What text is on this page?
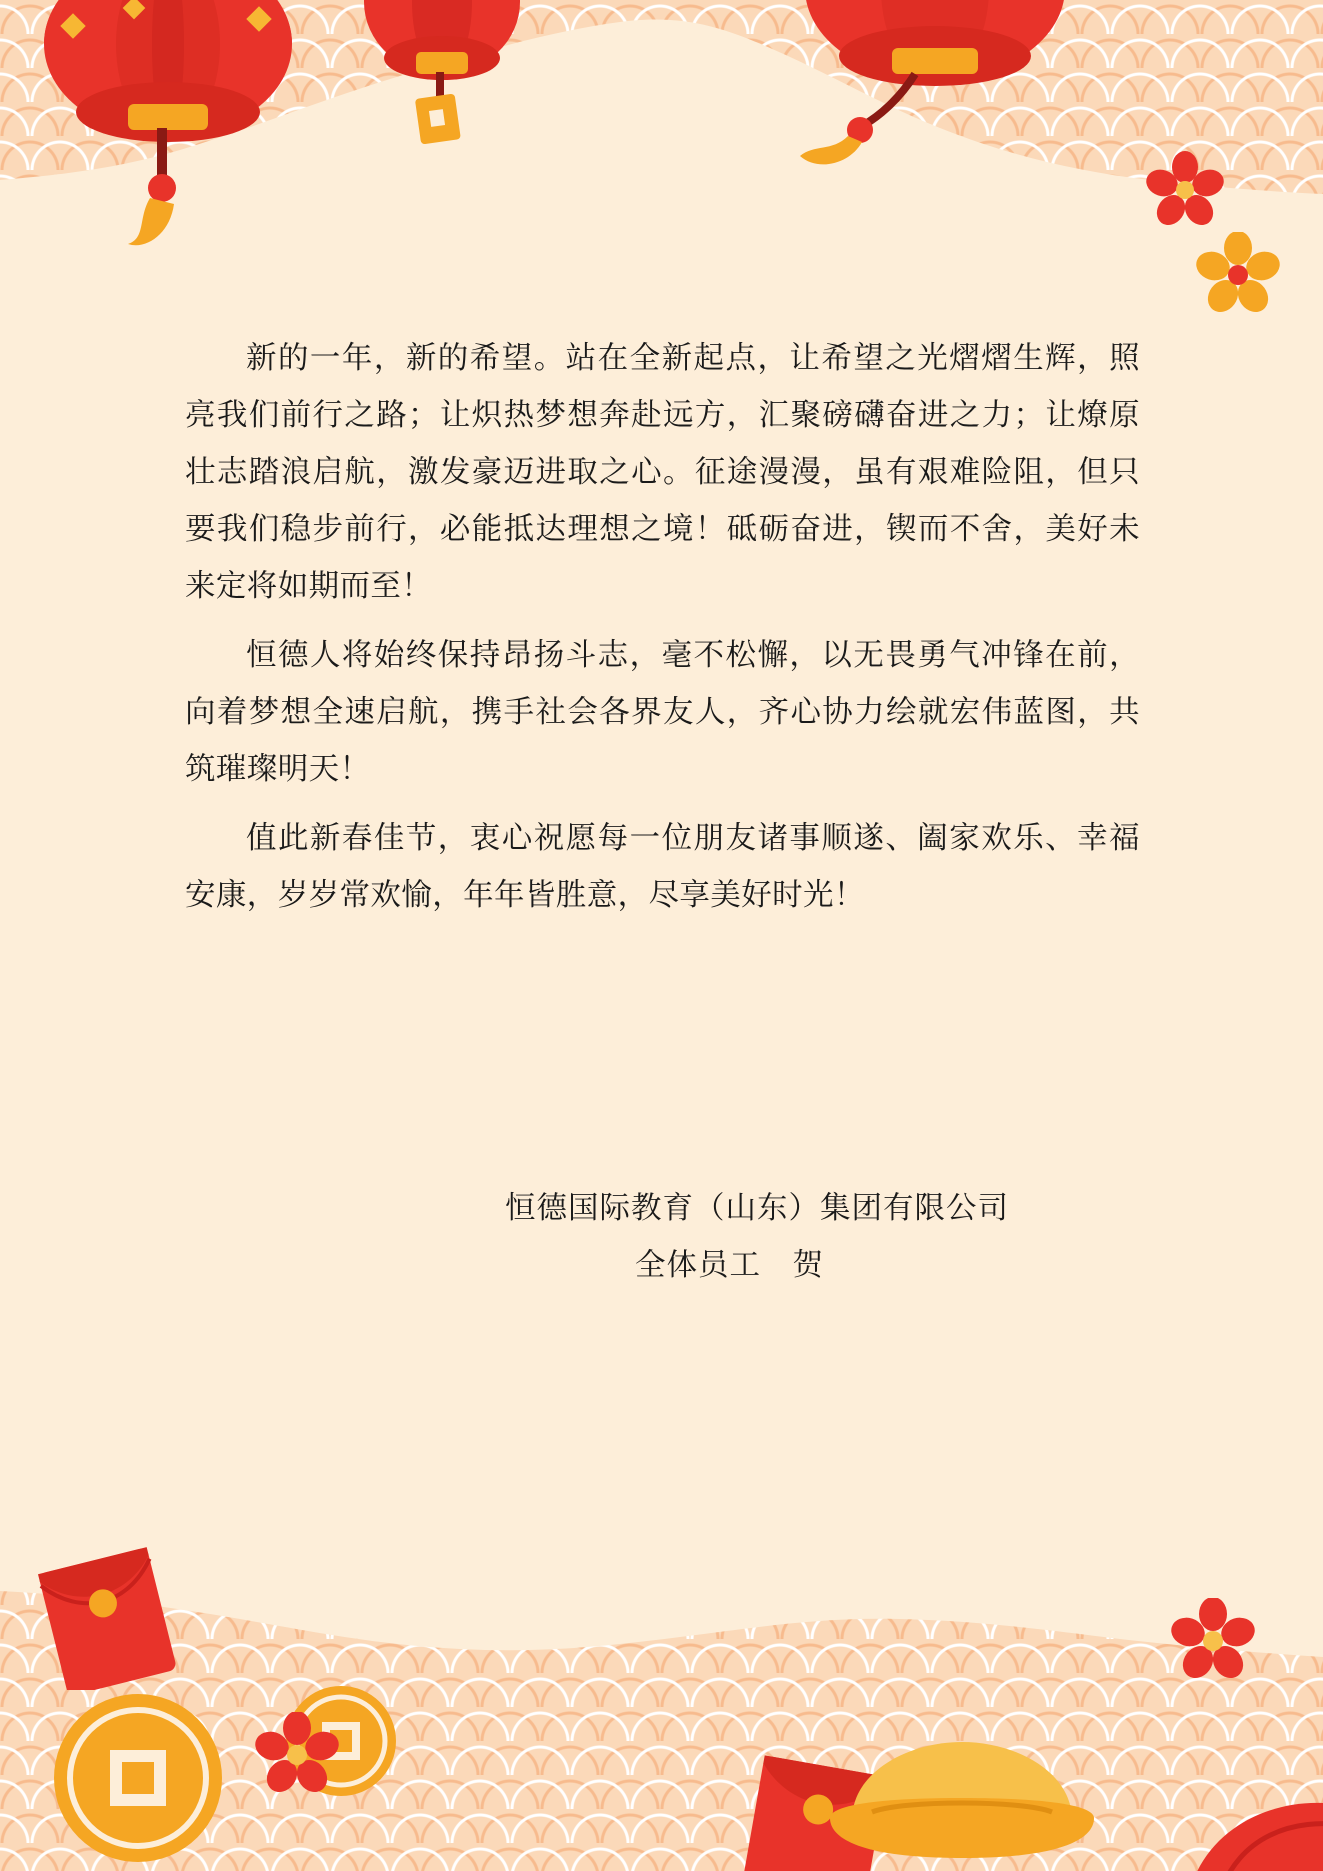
新的一年，新的希望。站在全新起点，让希望之光熠熠生辉，照亮我们前行之路；让炽热梦想奔赴远方，汇聚磅礴奋进之力；让燎原壮志踏浪启航，激发豪迈进取之心。征途漫漫，虽有艰难险阻，但只要我们稳步前行，必能抵达理想之境！砥砺奋进，锲而不舍，美好未来定将如期而至！

恒德人将始终保持昂扬斗志，毫不松懈，以无畏勇气冲锋在前，向着梦想全速启航，携手社会各界友人，齐心协力绘就宏伟蓝图，共筑璀璨明天！

值此新春佳节，衷心祝愿每一位朋友诸事顺遂、阖家欢乐、幸福安康，岁岁常欢愉，年年皆胜意，尽享美好时光！

恒德国际教育（山东）集团有限公司
全体员工　贺
